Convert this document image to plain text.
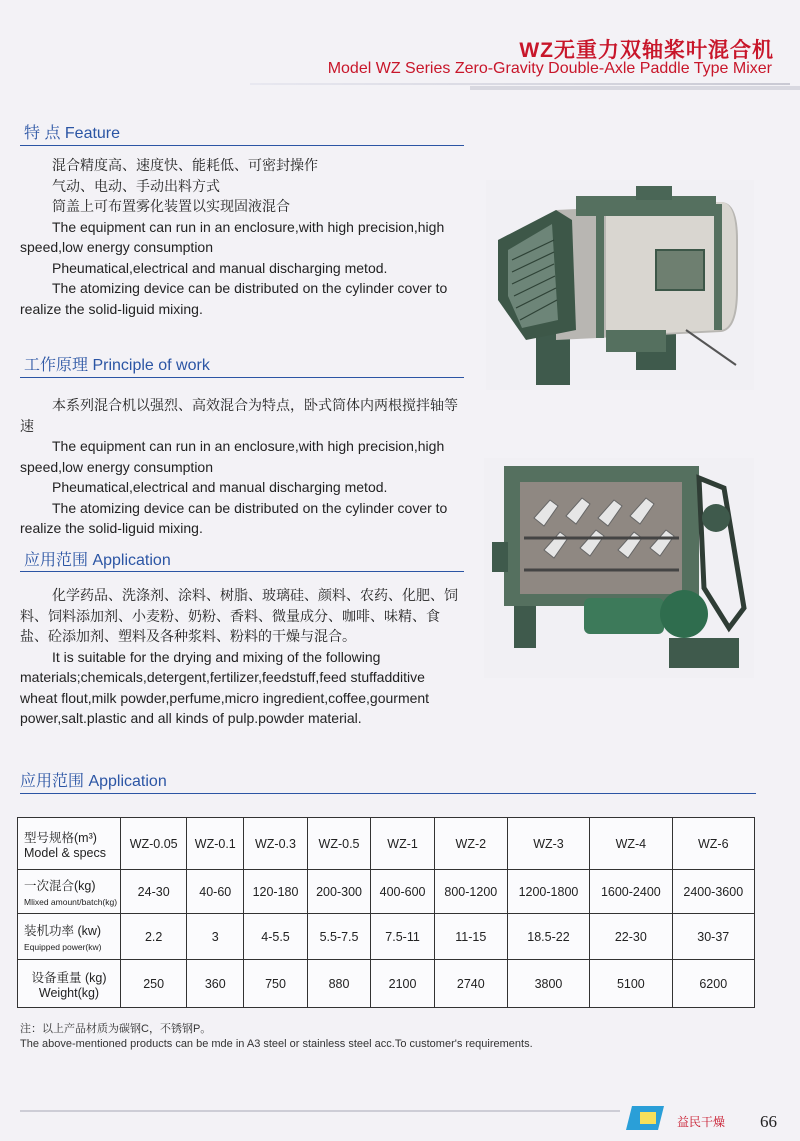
WZ无重力双轴桨叶混合机
Model WZ Series Zero-Gravity Double-Axle Paddle Type Mixer
特 点 Feature

混合精度高、速度快、能耗低、可密封操作

气动、电动、手动出料方式

筒盖上可布置雾化装置以实现固液混合

The equipment can run in an enclosure,with high precision,high speed,low energy consumption

Pheumatical,electrical and manual discharging metod.

The atomizing device can be distributed on the cylinder cover to realize the solid-liguid mixing.

工作原理 Principle of work

本系列混合机以强烈、高效混合为特点，卧式筒体内两根搅拌轴等速

The equipment can run in an enclosure,with high precision,high speed,low energy consumption

Pheumatical,electrical and manual discharging metod.

The atomizing device can be distributed on the cylinder cover to realize the solid-liguid mixing.

应用范围 Application

化学药品、洗涤剂、涂料、树脂、玻璃硅、颜料、农药、化肥、饲料、饲料添加剂、小麦粉、奶粉、香料、微量成分、咖啡、味精、食盐、砼添加剂、塑料及各种浆料、粉料的干燥与混合。

It is suitable for the drying and mixing of the following materials;chemicals,detergent,fertilizer,feedstuff,feed stuffadditive wheat flout,milk powder,perfume,micro ingredient,coffee,gourment power,salt.plastic and all kinds of pulp.powder material.

应用范围 Application
型号规格(m³)
Model & specs	WZ-0.05	WZ-0.1	WZ-0.3	WZ-0.5	WZ-1	WZ-2	WZ-3	WZ-4	WZ-6
一次混合(kg)
Mlixed amount/batch(kg)	24-30	40-60	120-180	200-300	400-600	800-1200	1200-1800	1600-2400	2400-3600
装机功率 (kw)
Equipped power(kw)	2.2	3	4-5.5	5.5-7.5	7.5-11	11-15	18.5-22	22-30	30-37
设备重量 (kg)
Weight(kg)	250	360	750	880	2100	2740	3800	5100	6200
注：以上产品材质为碳钢C，不锈钢P。
The above-mentioned products can be mde in A3 steel or stainless steel acc.To customer's requirements.
益民干燥 66
